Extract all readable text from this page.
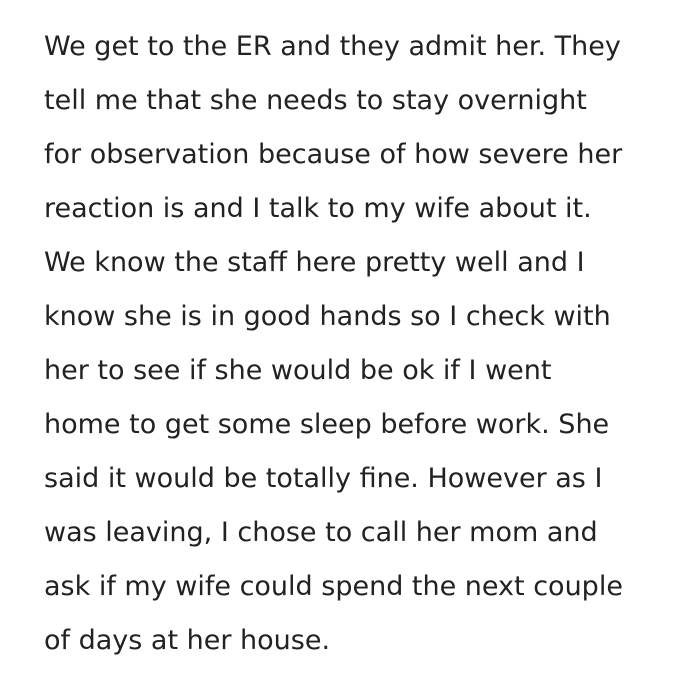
We get to the ER and they admit her. They
tell me that she needs to stay overnight
for observation because of how severe her
reaction is and I talk to my wife about it.
We know the staff here pretty well and I
know she is in good hands so I check with
her to see if she would be ok if I went
home to get some sleep before work. She
said it would be totally fine. However as I
was leaving, I chose to call her mom and
ask if my wife could spend the next couple
of days at her house.
